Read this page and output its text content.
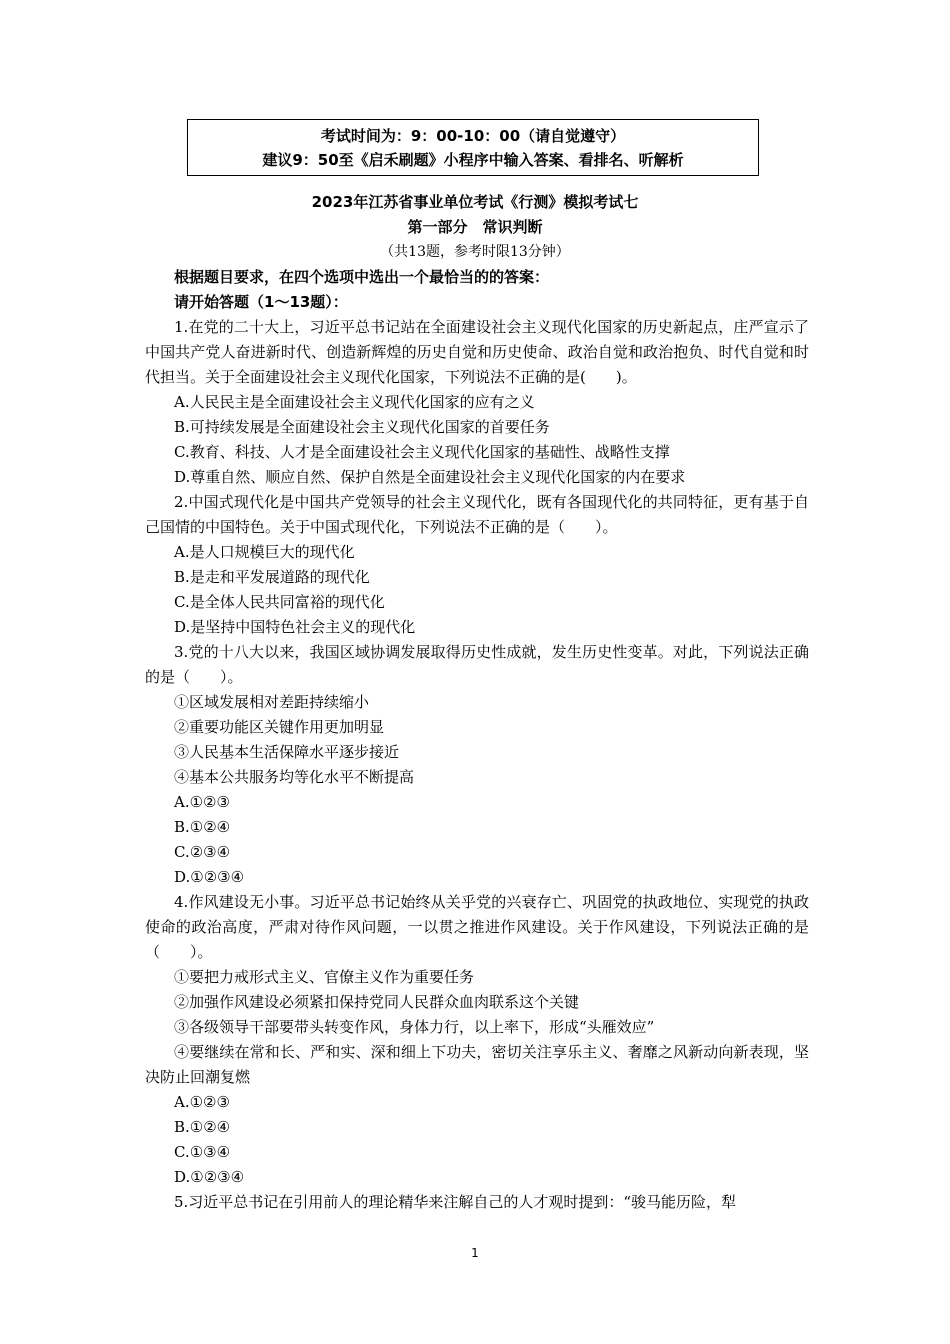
考试时间为：9：00-10：00（请自觉遵守）
建议9：50至《启禾刷题》小程序中输入答案、看排名、听解析
2023年江苏省事业单位考试《行测》模拟考试七
第一部分　常识判断
（共13题，参考时限13分钟）
根据题目要求，在四个选项中选出一个最恰当的的答案：
请开始答题（1～13题）：
1.在党的二十大上，习近平总书记站在全面建设社会主义现代化国家的历史新起点，庄严宣示了中国共产党人奋进新时代、创造新辉煌的历史自觉和历史使命、政治自觉和政治抱负、时代自觉和时代担当。关于全面建设社会主义现代化国家，下列说法不正确的是(　　)。
A.人民民主是全面建设社会主义现代化国家的应有之义
B.可持续发展是全面建设社会主义现代化国家的首要任务
C.教育、科技、人才是全面建设社会主义现代化国家的基础性、战略性支撑
D.尊重自然、顺应自然、保护自然是全面建设社会主义现代化国家的内在要求
2.中国式现代化是中国共产党领导的社会主义现代化，既有各国现代化的共同特征，更有基于自己国情的中国特色。关于中国式现代化，下列说法不正确的是（　　）。
A.是人口规模巨大的现代化
B.是走和平发展道路的现代化
C.是全体人民共同富裕的现代化
D.是坚持中国特色社会主义的现代化
3.党的十八大以来，我国区域协调发展取得历史性成就，发生历史性变革。对此，下列说法正确的是（　　）。
①区域发展相对差距持续缩小
②重要功能区关键作用更加明显
③人民基本生活保障水平逐步接近
④基本公共服务均等化水平不断提高
A.①②③
B.①②④
C.②③④
D.①②③④
4.作风建设无小事。习近平总书记始终从关乎党的兴衰存亡、巩固党的执政地位、实现党的执政使命的政治高度，严肃对待作风问题，一以贯之推进作风建设。关于作风建设，下列说法正确的是（　　）。
①要把力戒形式主义、官僚主义作为重要任务
②加强作风建设必须紧扣保持党同人民群众血肉联系这个关键
③各级领导干部要带头转变作风，身体力行，以上率下，形成“头雁效应”
④要继续在常和长、严和实、深和细上下功夫，密切关注享乐主义、奢靡之风新动向新表现，坚决防止回潮复燃
A.①②③
B.①②④
C.①③④
D.①②③④
5.习近平总书记在引用前人的理论精华来注解自己的人才观时提到：“骏马能历险，犁
1
